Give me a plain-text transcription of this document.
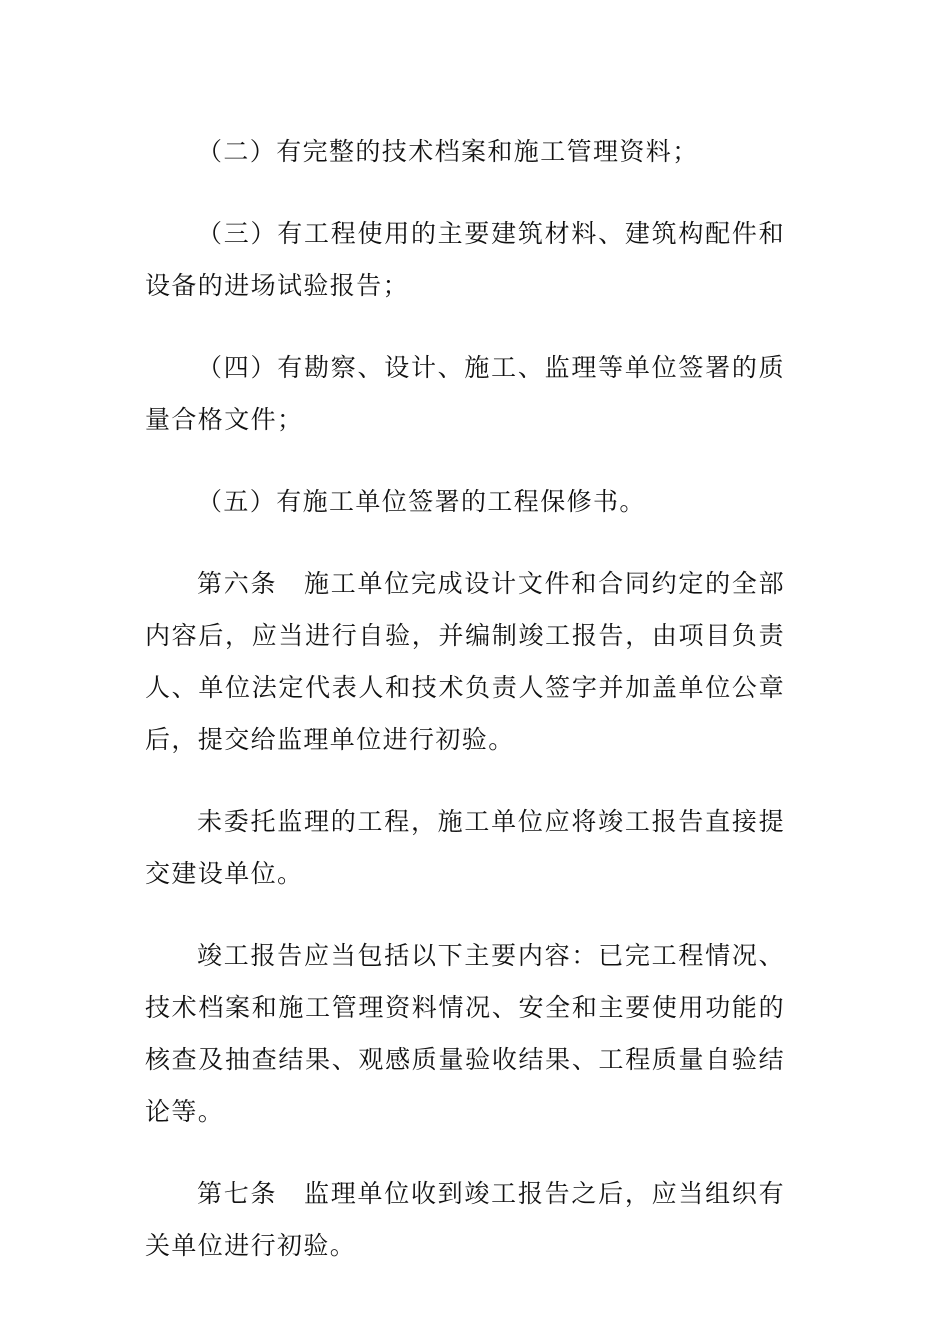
（二）有完整的技术档案和施工管理资料；

（三）有工程使用的主要建筑材料、建筑构配件和设备的进场试验报告；

（四）有勘察、设计、施工、监理等单位签署的质量合格文件；

（五）有施工单位签署的工程保修书。

第六条　施工单位完成设计文件和合同约定的全部内容后，应当进行自验，并编制竣工报告，由项目负责人、单位法定代表人和技术负责人签字并加盖单位公章后，提交给监理单位进行初验。

未委托监理的工程，施工单位应将竣工报告直接提交建设单位。

竣工报告应当包括以下主要内容：已完工程情况、技术档案和施工管理资料情况、安全和主要使用功能的核查及抽查结果、观感质量验收结果、工程质量自验结论等。

第七条　监理单位收到竣工报告之后，应当组织有关单位进行初验。
